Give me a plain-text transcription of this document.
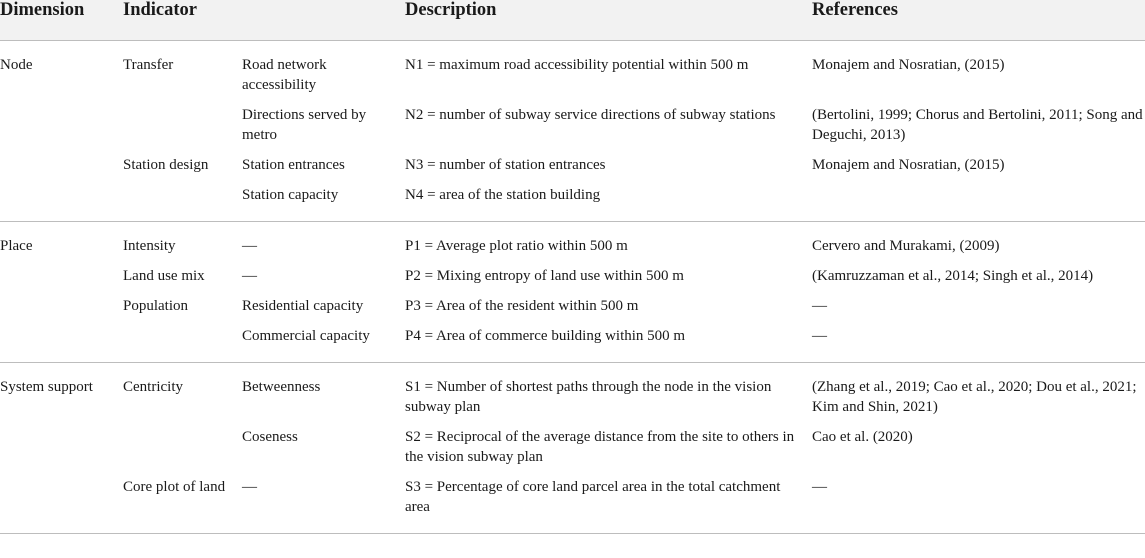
Dimension	Indicator		Description	References
Node	Transfer	Road network accessibility	N1 = maximum road accessibility potential within 500 m	Monajem and Nosratian, (2015)
		Directions served by metro	N2 = number of subway service directions of subway stations	(Bertolini, 1999; Chorus and Bertolini, 2011; Song and Deguchi, 2013)
	Station design	Station entrances	N3 = number of station entrances	Monajem and Nosratian, (2015)
		Station capacity	N4 = area of the station building	
Place	Intensity	—	P1 = Average plot ratio within 500 m	Cervero and Murakami, (2009)
	Land use mix	—	P2 = Mixing entropy of land use within 500 m	(Kamruzzaman et al., 2014; Singh et al., 2014)
	Population	Residential capacity	P3 = Area of the resident within 500 m	—
		Commercial capacity	P4 = Area of commerce building within 500 m	—
System support	Centricity	Betweenness	S1 = Number of shortest paths through the node in the vision subway plan	(Zhang et al., 2019; Cao et al., 2020; Dou et al., 2021; Kim and Shin, 2021)
		Coseness	S2 = Reciprocal of the average distance from the site to others in the vision subway plan	Cao et al. (2020)
	Core plot of land	—	S3 = Percentage of core land parcel area in the total catchment area	—
